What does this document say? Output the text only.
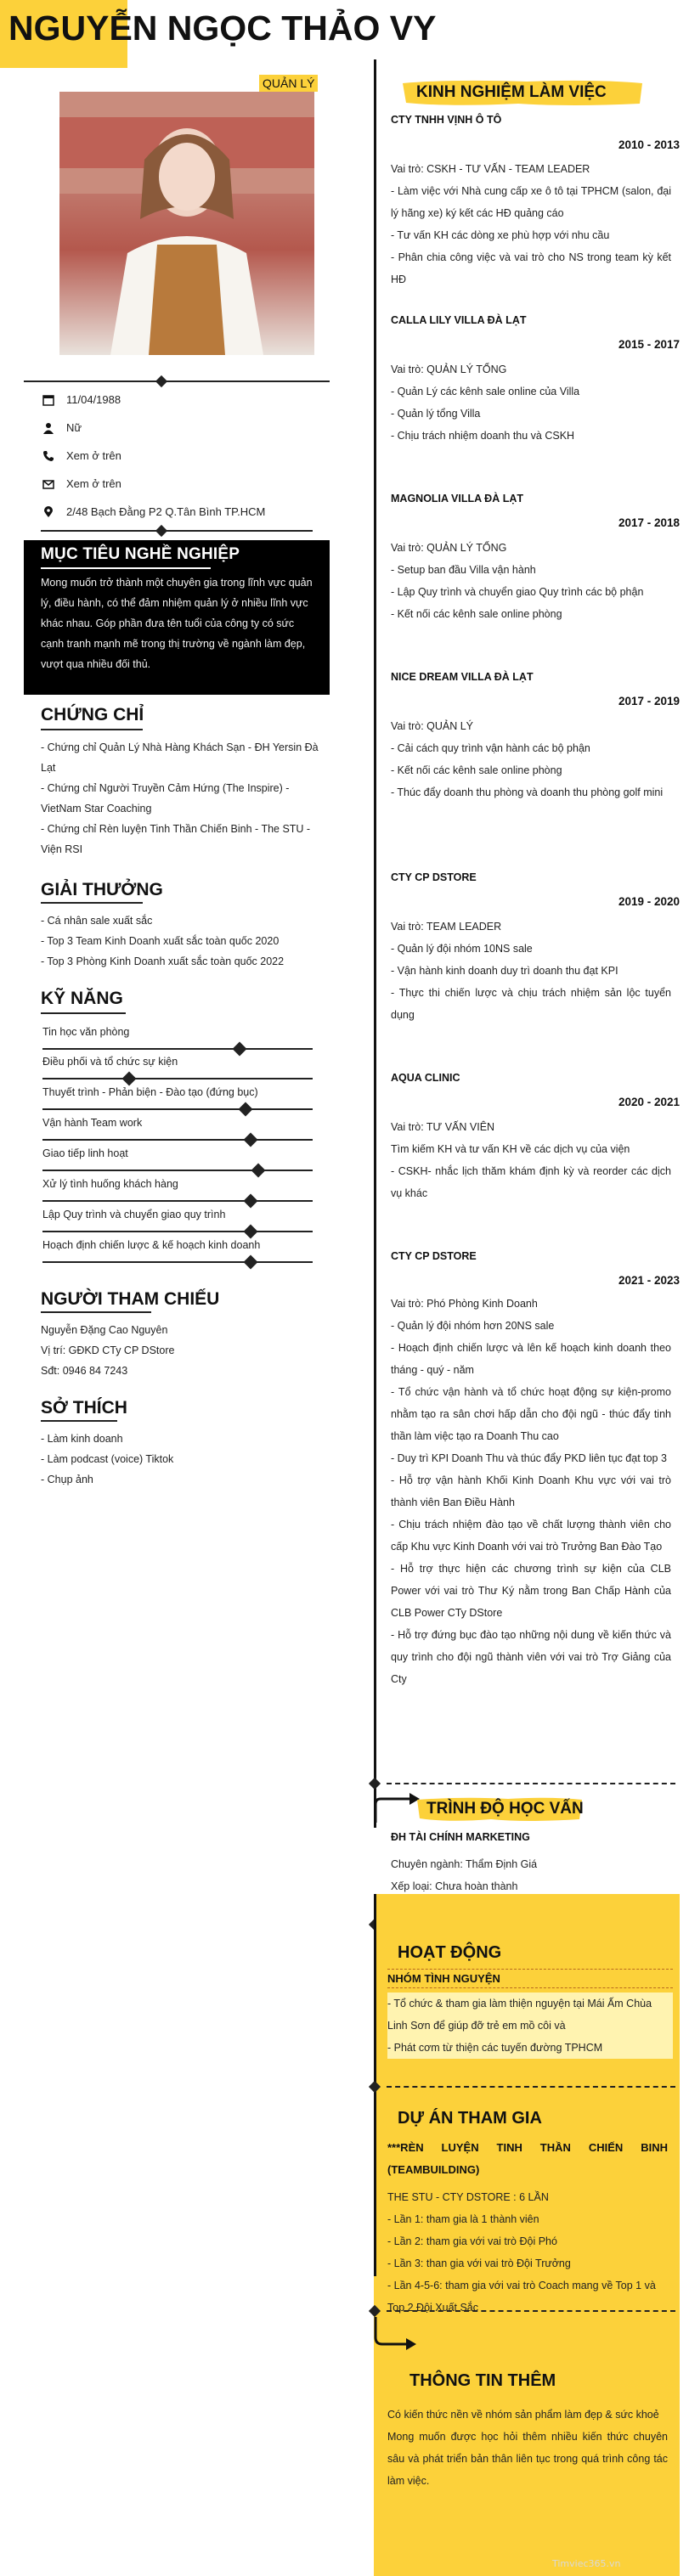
NGUYỄN NGỌC THẢO VY
QUẢN LÝ
11/04/1988
Nữ
Xem ở trên
Xem ở trên
2/48 Bạch Đằng P2 Q.Tân Bình TP.HCM
MỤC TIÊU NGHỀ NGHIỆP
Mong muốn trở thành một chuyên gia trong lĩnh vực quản lý, điều hành, có thể đảm nhiệm quản lý ở nhiều lĩnh vực khác nhau. Góp phần đưa tên tuổi của công ty có sức cạnh tranh mạnh mẽ trong thị trường về ngành làm đẹp, vượt qua nhiều đối thủ.
CHỨNG CHỈ
- Chứng chỉ Quản Lý Nhà Hàng Khách Sạn - ĐH Yersin Đà Lạt
- Chứng chỉ Người Truyền Cảm Hứng (The Inspire) - VietNam Star Coaching
- Chứng chỉ Rèn luyện Tinh Thần Chiến Binh - The STU - Viện RSI
GIẢI THƯỞNG
- Cá nhân sale xuất sắc
- Top 3 Team Kinh Doanh xuất sắc toàn quốc 2020
- Top 3 Phòng Kinh Doanh xuất sắc toàn quốc 2022
KỸ NĂNG
Tin học văn phòng
Điều phối và tổ chức sự kiện
Thuyết trình - Phản biện - Đào tạo (đứng bục)
Vận hành Team work
Giao tiếp linh hoạt
Xử lý tình huống khách hàng
Lập Quy trình và chuyển giao quy trình
Hoạch định chiến lược & kế hoạch kinh doanh
NGƯỜI THAM CHIẾU
Nguyễn Đặng Cao Nguyên
Vị trí: GĐKD CTy CP DStore
Sđt: 0946 84 7243
SỞ THÍCH
- Làm kinh doanh
- Làm podcast (voice) Tiktok
- Chụp ảnh
KINH NGHIỆM LÀM VIỆC
CTY TNHH VỊNH Ô TÔ
2010 - 2013
Vai trò: CSKH - TƯ VẤN - TEAM LEADER
- Làm việc với Nhà cung cấp xe ô tô tại TPHCM (salon, đại lý hãng xe) ký kết các HĐ quảng cáo
- Tư vấn KH các dòng xe phù hợp với nhu cầu
- Phân chia công việc và vai trò cho NS trong team kỳ kết HĐ
CALLA LILY VILLA ĐÀ LẠT
2015 - 2017
Vai trò: QUẢN LÝ TỔNG
- Quản Lý các kênh sale online của Villa
- Quản lý tổng Villa
- Chịu trách nhiệm doanh thu và CSKH
MAGNOLIA VILLA ĐÀ LẠT
2017 - 2018
Vai trò: QUẢN LÝ TỔNG
- Setup ban đầu Villa vận hành
- Lập Quy trình và chuyển giao Quy trình các bộ phận
- Kết nối các kênh sale online phòng
NICE DREAM VILLA ĐÀ LẠT
2017 - 2019
Vai trò: QUẢN LÝ
- Cải cách quy trình vận hành các bộ phận
- Kết nối các kênh sale online phòng
- Thúc đẩy doanh thu phòng và doanh thu phòng golf mini
CTY CP DSTORE
2019 - 2020
Vai trò: TEAM LEADER
- Quản lý đội nhóm 10NS sale
- Vận hành kinh doanh duy trì doanh thu đạt KPI
- Thực thi chiến lược và chịu trách nhiệm sản lộc tuyển dụng
AQUA CLINIC
2020 - 2021
Vai trò: TƯ VẤN VIÊN
Tìm kiếm KH và tư vấn KH về các dịch vụ của viện
- CSKH- nhắc lịch thăm khám định kỳ và reorder các dịch vụ khác
CTY CP DSTORE
2021 - 2023
Vai trò: Phó Phòng Kinh Doanh
- Quản lý đội nhóm hơn 20NS sale
- Hoạch định chiến lược và lên kế hoạch kinh doanh theo tháng - quý - năm
- Tổ chức vận hành và tổ chức hoạt động sự kiện-promo nhằm tạo ra sân chơi hấp dẫn cho đội ngũ - thúc đẩy tinh thần làm việc tạo ra Doanh Thu cao
- Duy trì KPI Doanh Thu và thúc đẩy PKD liên tục đạt top 3
- Hỗ trợ vận hành Khối Kinh Doanh Khu vực với vai trò thành viên Ban Điều Hành
- Chịu trách nhiệm đào tạo về chất lượng thành viên cho cấp Khu vực Kinh Doanh với vai trò Trưởng Ban Đào Tạo
- Hỗ trợ thực hiện các chương trình sự kiện của CLB Power với vai trò Thư Ký nằm trong Ban Chấp Hành của CLB Power CTy DStore
- Hỗ trợ đứng bục đào tạo những nội dung về kiến thức và quy trình cho đội ngũ thành viên với vai trò Trợ Giảng của Cty
TRÌNH ĐỘ HỌC VẤN
ĐH TÀI CHÍNH MARKETING
Chuyên ngành: Thẩm Định Giá
Xếp loại: Chưa hoàn thành
HOẠT ĐỘNG
NHÓM TÌNH NGUYỆN
- Tổ chức & tham gia làm thiện nguyện tại Mái Ấm Chùa Linh Sơn để giúp đỡ trẻ em mồ côi và
- Phát cơm từ thiện các tuyến đường TPHCM
DỰ ÁN THAM GIA
***RÈN LUYỆN TINH THẦN CHIẾN BINH (TEAMBUILDING)
THE STU - CTY DSTORE : 6 LẦN
- Lần 1: tham gia là 1 thành viên
- Lần 2: tham gia với vai trò Đội Phó
- Lần 3: than gia với vai trò Đội Trưởng
- Lần 4-5-6: tham gia với vai trò Coach mang về Top 1 và Top 2 Đội Xuất Sắc
THÔNG TIN THÊM
Có kiến thức nền về nhóm sản phẩm làm đẹp & sức khoẻ
Mong muốn được học hỏi thêm nhiều kiến thức chuyên sâu và phát triển bản thân liên tục trong quá trình công tác làm việc.
Timviec365.vn
